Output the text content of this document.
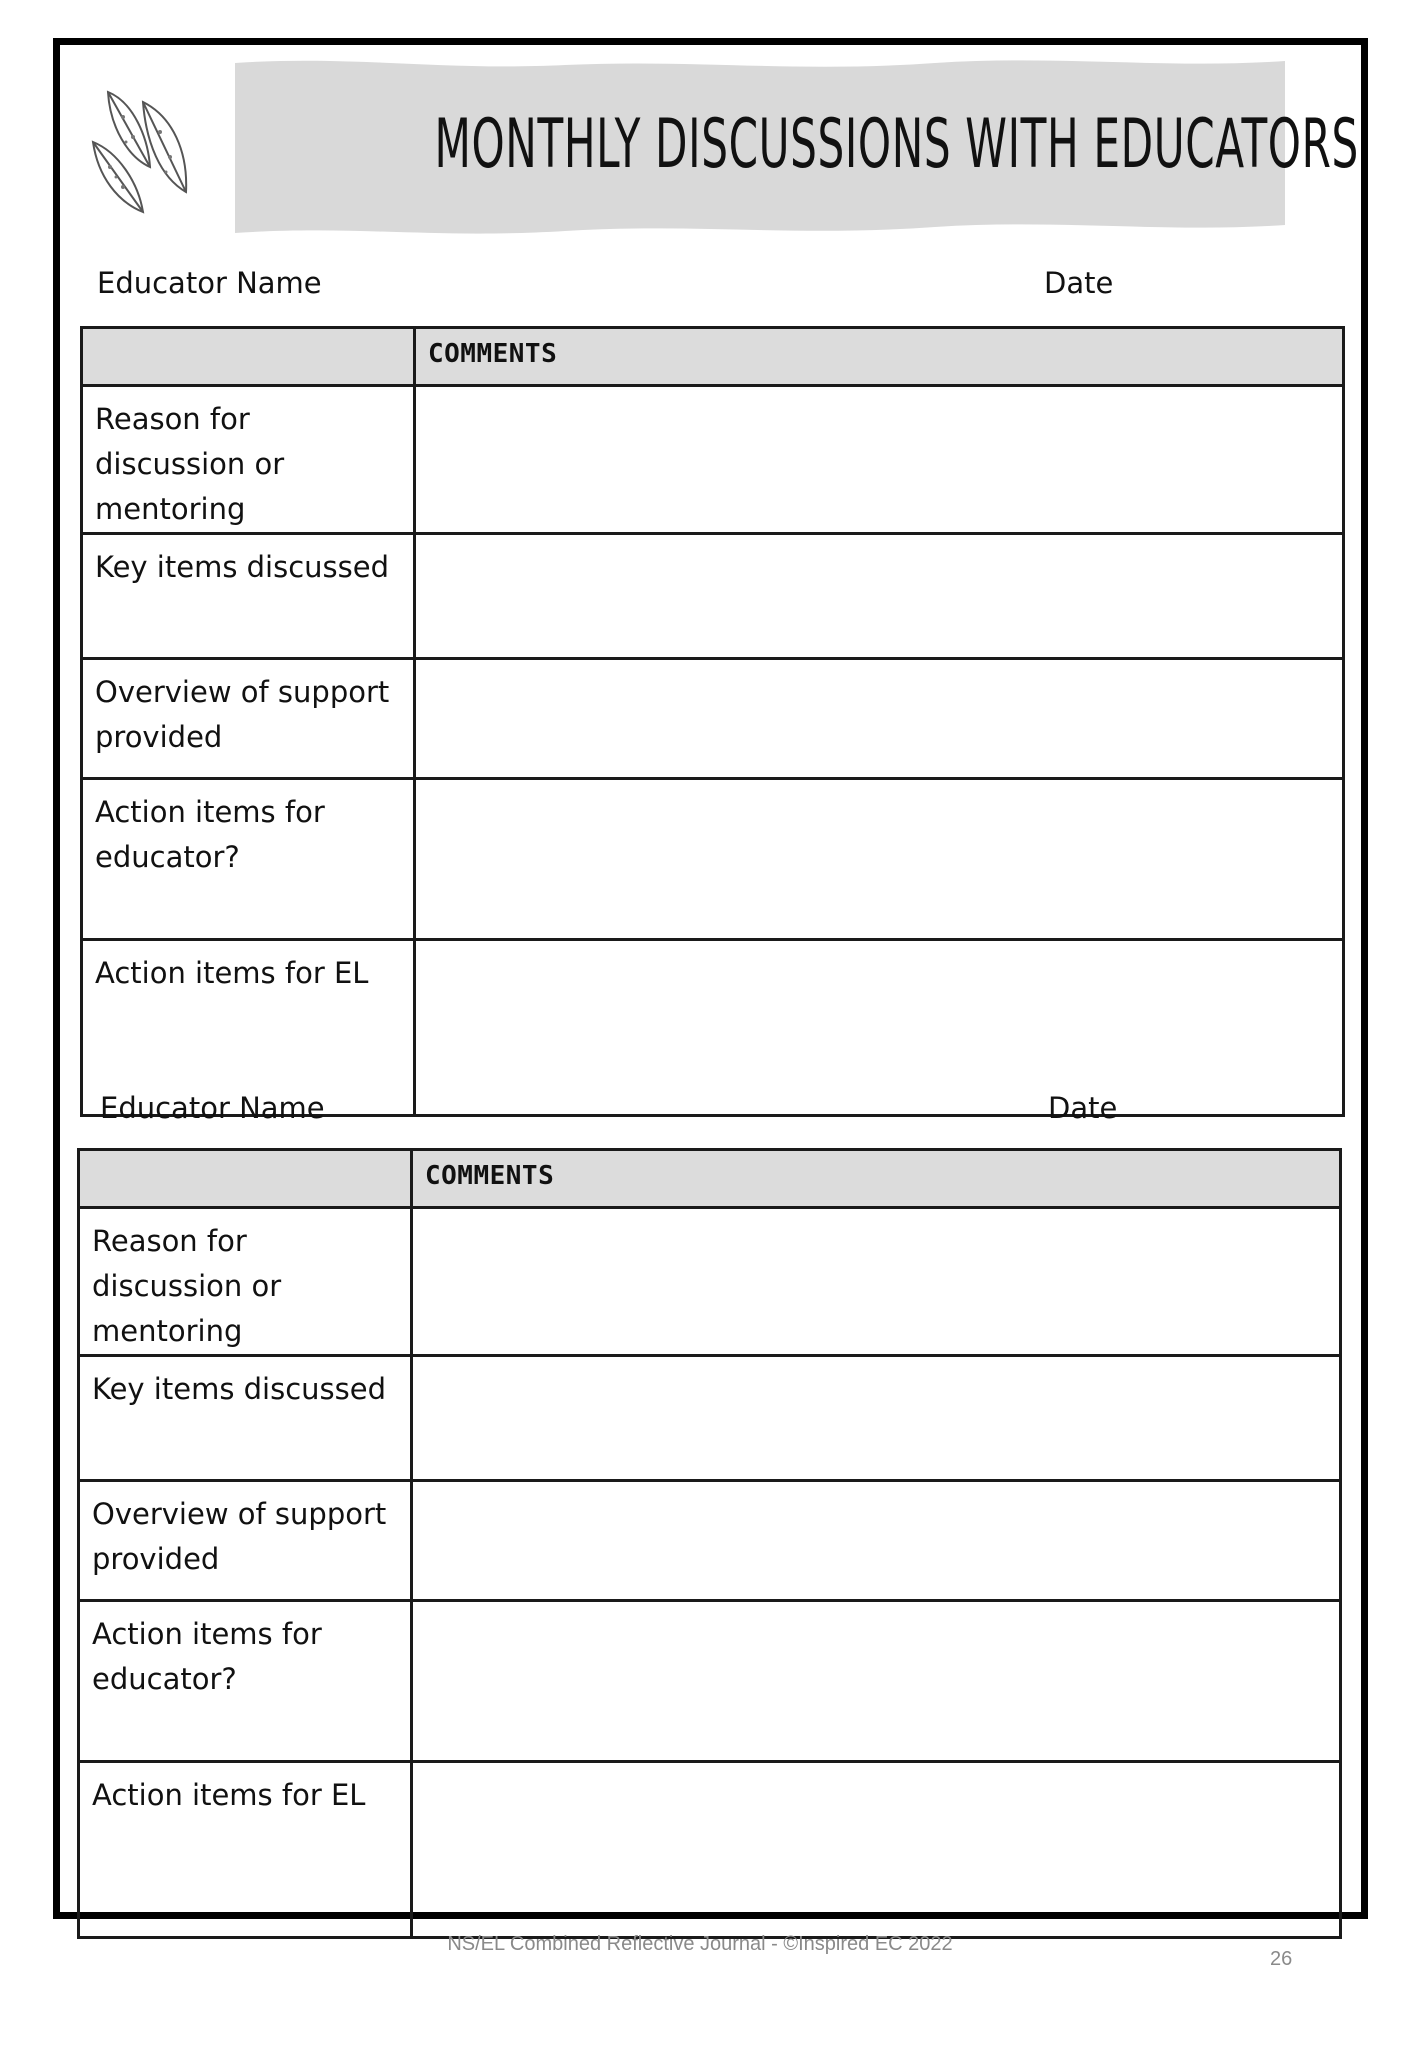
MONTHLY DISCUSSIONS WITH EDUCATORS
Educator Name	Date
	COMMENTS
Reason for discussion or mentoring	
Key items discussed	
Overview of support provided	
Action items for educator?	
Action items for EL	
Educator Name	Date
	COMMENTS
Reason for discussion or mentoring	
Key items discussed	
Overview of support provided	
Action items for educator?	
Action items for EL	
NS/EL Combined Reflective Journal - ©Inspired EC 2022
26
